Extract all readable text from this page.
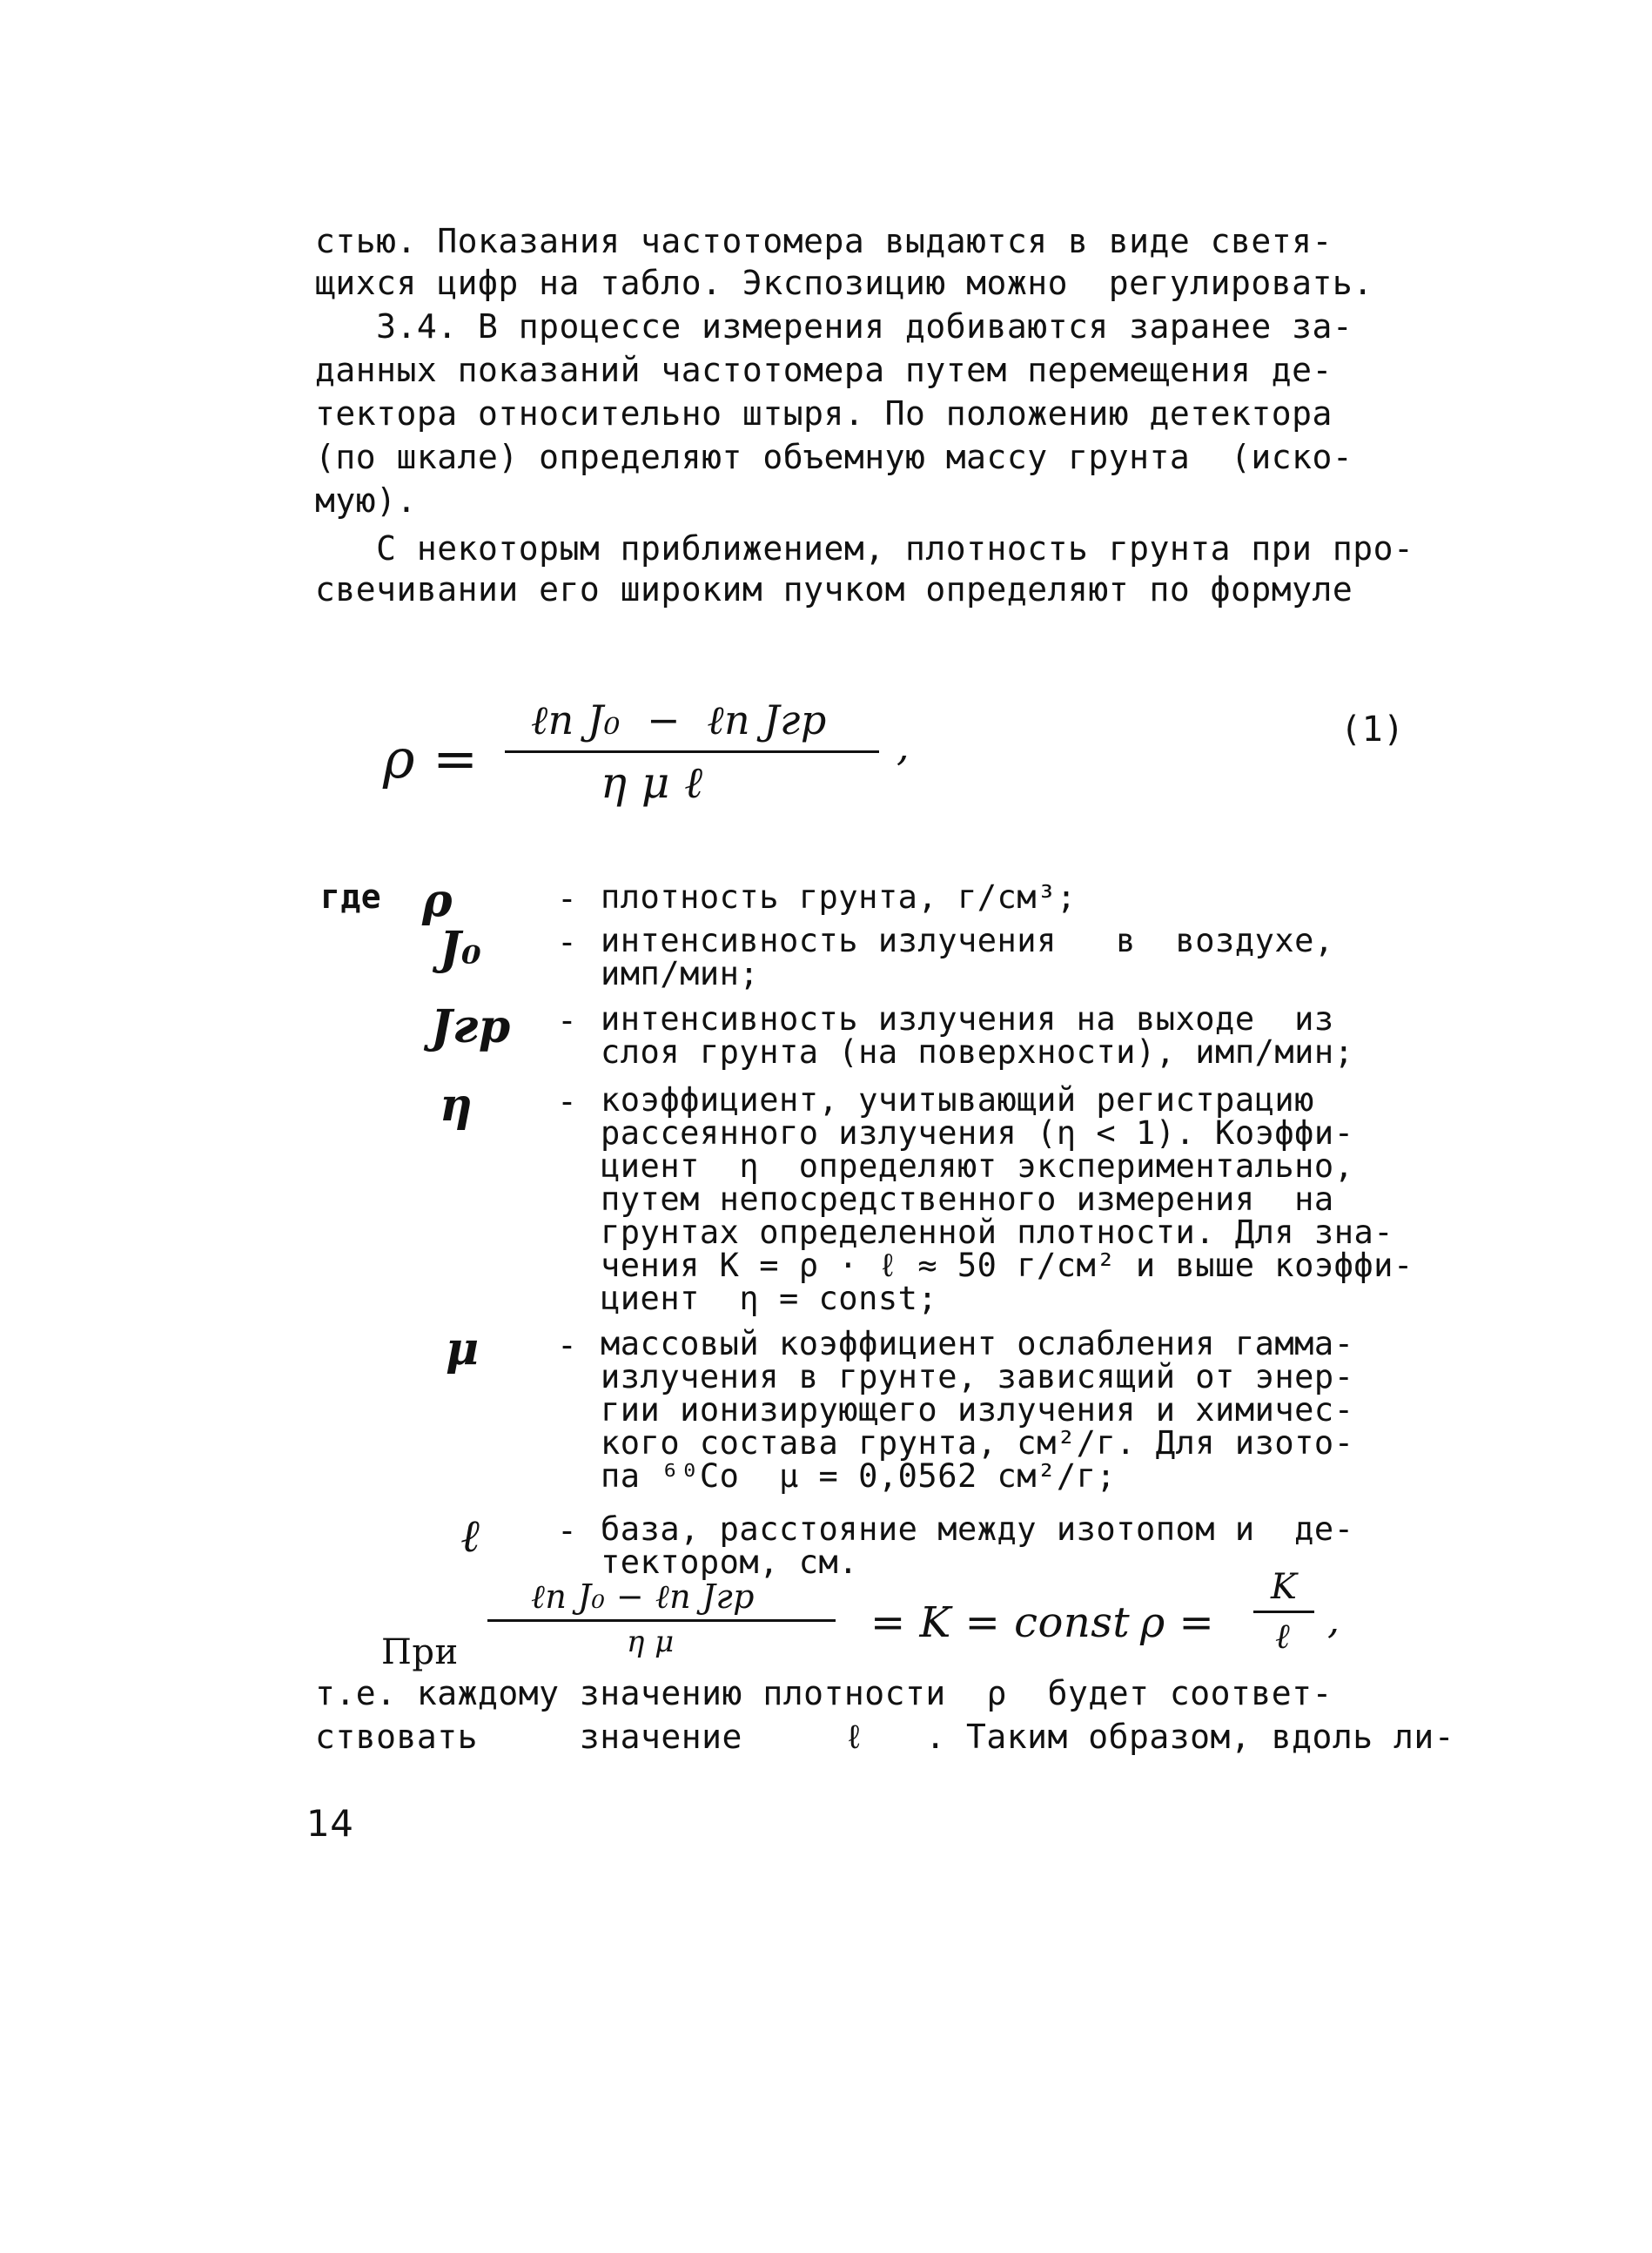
стью. Показания частотомера выдаются в виде светя-
щихся цифр на табло. Экспозицию можно  регулировать.
3.4. В процессе измерения добиваются заранее за-
данных показаний частотомера путем перемещения де-
тектора относительно штыря. По положению детектора
(по шкале) определяют объемную массу грунта  (иско-
мую).
С некоторым приближением, плотность грунта при про-
свечивании его широким пучком определяют по формуле
ρ =
ℓn J₀  −  ℓn Jгр
η μ ℓ
,	(1)
где ρ	- плотность грунта, г/см³;
J₀ - интенсивность излучения   в  воздухе,
имп/мин;
Jгр - интенсивность излучения на выходе  из
слоя грунта (на поверхности), имп/мин;
η	- коэффициент, учитывающий регистрацию
рассеянного излучения (η < 1). Коэффи-
циент  η  определяют экспериментально,
путем непосредственного измерения  на
грунтах определенной плотности. Для зна-
чения K = ρ · ℓ ≈ 50 г/см² и выше коэффи-
циент  η = const;
μ - массовый коэффициент ослабления гамма-
излучения в грунте, зависящий от энер-
гии ионизирующего излучения и химичес-
кого состава грунта, см²/г. Для изото-
па ⁶⁰Co  μ = 0,0562 см²/г;
ℓ - база, расстояние между изотопом и  де-
тектором, см.
При
ℓn J₀ − ℓn Jгр
η μ	= K = const ρ =
K
ℓ ,
т.е. каждому значению плотности  ρ  будет соответ-
ствовать     значение     ℓ   . Таким образом, вдоль ли-
14
